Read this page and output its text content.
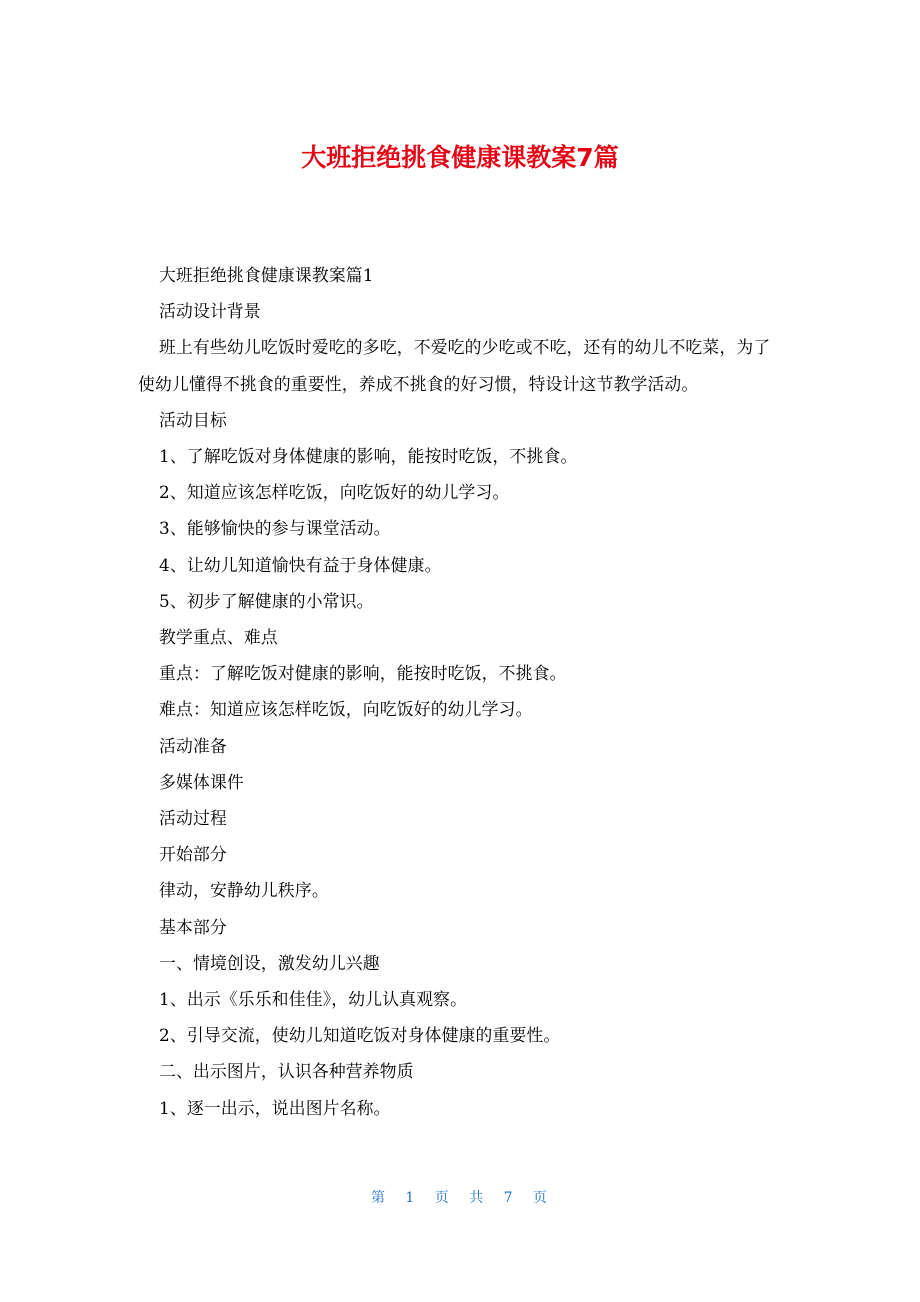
大班拒绝挑食健康课教案7篇

大班拒绝挑食健康课教案篇1

活动设计背景

班上有些幼儿吃饭时爱吃的多吃，不爱吃的少吃或不吃，还有的幼儿不吃菜，为了使幼儿懂得不挑食的重要性，养成不挑食的好习惯，特设计这节教学活动。

活动目标

1、了解吃饭对身体健康的影响，能按时吃饭，不挑食。

2、知道应该怎样吃饭，向吃饭好的幼儿学习。

3、能够愉快的参与课堂活动。

4、让幼儿知道愉快有益于身体健康。

5、初步了解健康的小常识。

教学重点、难点

重点：了解吃饭对健康的影响，能按时吃饭，不挑食。

难点：知道应该怎样吃饭，向吃饭好的幼儿学习。

活动准备

多媒体课件

活动过程

开始部分

律动，安静幼儿秩序。

基本部分

一、情境创设，激发幼儿兴趣

1、出示《乐乐和佳佳》，幼儿认真观察。

2、引导交流，使幼儿知道吃饭对身体健康的重要性。

二、出示图片，认识各种营养物质

1、逐一出示，说出图片名称。

第 1 页 共 7 页
